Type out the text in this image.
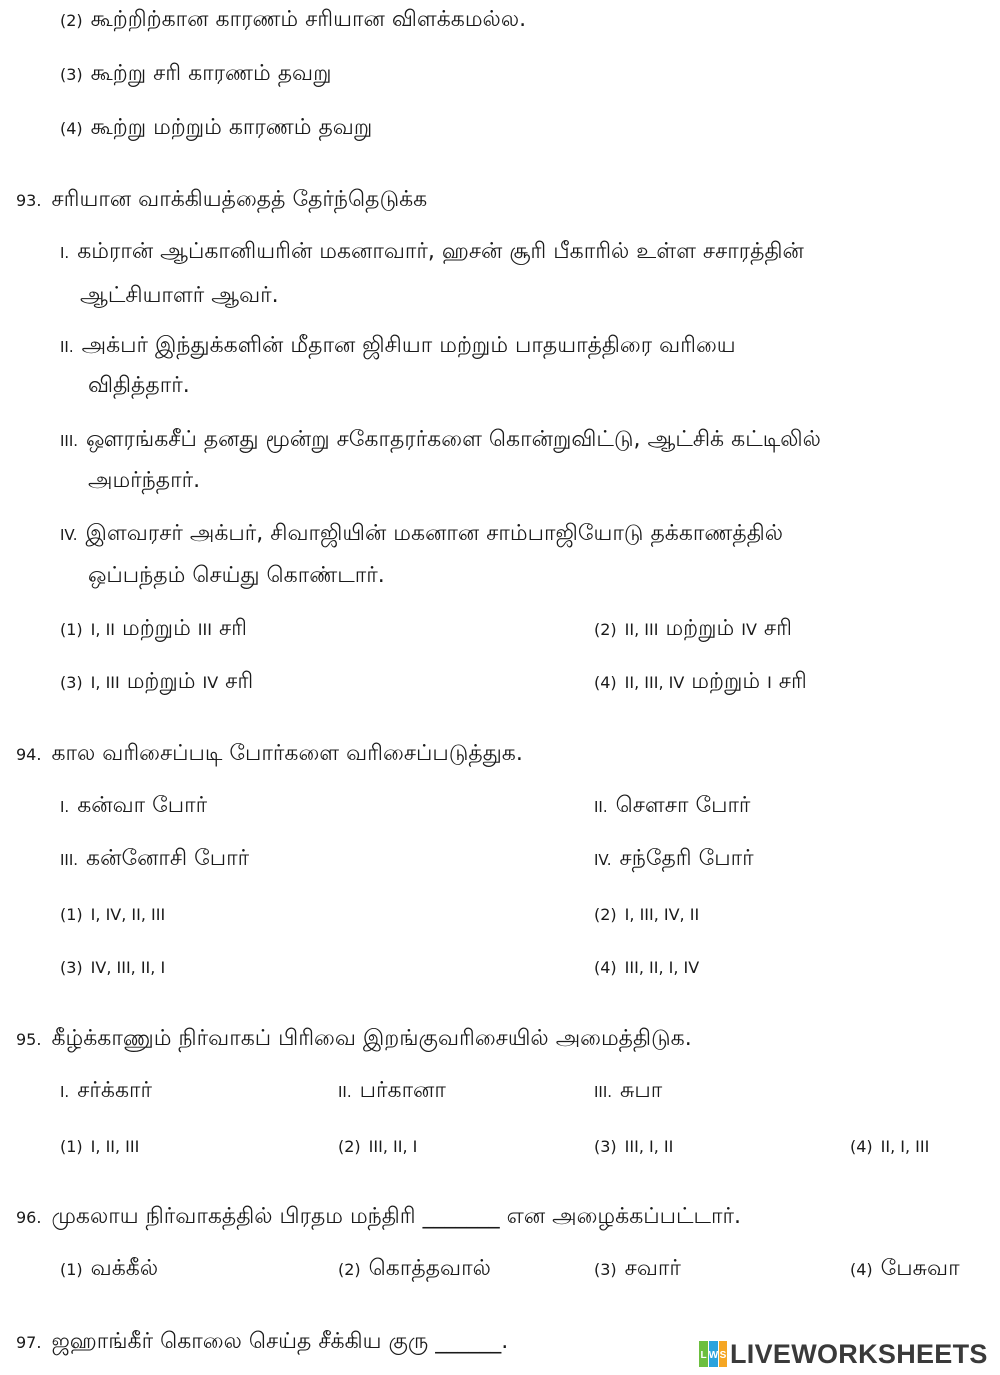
(2) கூற்றிற்கான காரணம் சரியான விளக்கமல்ல.
(3) கூற்று சரி காரணம் தவறு
(4) கூற்று மற்றும் காரணம் தவறு
93. சரியான வாக்கியத்தைத் தேர்ந்தெடுக்க
I. கம்ரான் ஆப்கானியரின் மகனாவார், ஹசன் சூரி பீகாரில் உள்ள சசாரத்தின்
ஆட்சியாளர் ஆவர்.
II. அக்பர் இந்துக்களின் மீதான ஜிசியா மற்றும் பாதயாத்திரை வரியை
விதித்தார்.
III. ஔரங்கசீப் தனது மூன்று சகோதரர்களை கொன்றுவிட்டு, ஆட்சிக் கட்டிலில்
அமர்ந்தார்.
IV. இளவரசர் அக்பர், சிவாஜியின் மகனான சாம்பாஜியோடு தக்காணத்தில்
ஒப்பந்தம் செய்து கொண்டார்.
(1) I, II மற்றும் III சரி	(2) II, III மற்றும் IV சரி
(3) I, III மற்றும் IV சரி	(4) II, III, IV மற்றும் I சரி
94. கால வரிசைப்படி போர்களை வரிசைப்படுத்துக.
I. கன்வா போர்	II. சௌசா போர்
III. கன்னோசி போர்	IV. சந்தேரி போர்
(1) I, IV, II, III	(2) I, III, IV, II
(3) IV, III, II, I	(4) III, II, I, IV
95. கீழ்க்காணும் நிர்வாகப் பிரிவை இறங்குவரிசையில் அமைத்திடுக.
I. சர்க்கார்	II. பர்கானா	III. சுபா
(1) I, II, III	(2) III, II, I	(3) III, I, II	(4) II, I, III
96. முகலாய நிர்வாகத்தில் பிரதம மந்திரி _______ என அழைக்கப்பட்டார்.
(1) வக்கீல்	(2) கொத்தவால்	(3) சவார்	(4) பேசுவா
97. ஜஹாங்கீர் கொலை செய்த சீக்கிய குரு ______.
L W S LIVEWORKSHEETS
